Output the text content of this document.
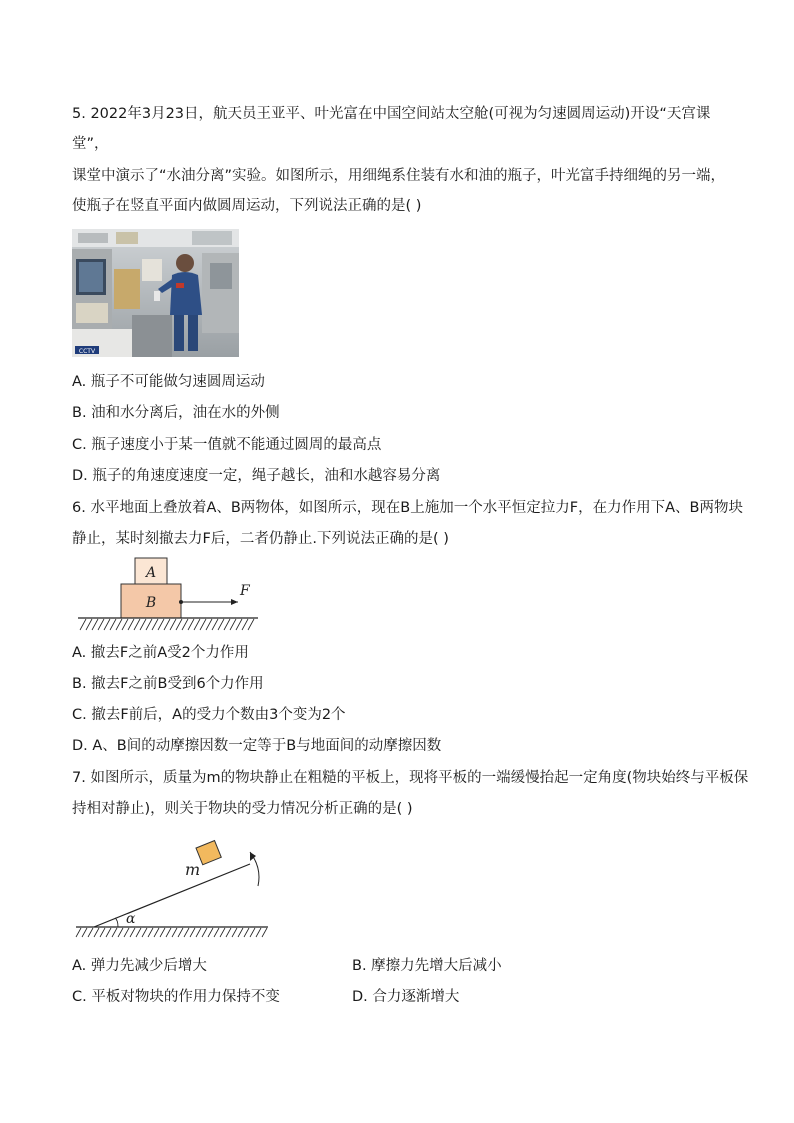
5. 2022年3月23日，航天员王亚平、叶光富在中国空间站太空舱(可视为匀速圆周运动)开设“天宫课
堂”，
课堂中演示了“水油分离”实验。如图所示，用细绳系住装有水和油的瓶子，叶光富手持细绳的另一端，
使瓶子在竖直平面内做圆周运动，下列说法正确的是( )
CCTV
A. 瓶子不可能做匀速圆周运动
B. 油和水分离后，油在水的外侧
C. 瓶子速度小于某一值就不能通过圆周的最高点
D. 瓶子的角速度速度一定，绳子越长，油和水越容易分离
6. 水平地面上叠放着A、B两物体，如图所示，现在B上施加一个水平恒定拉力F，在力作用下A、B两物块
静止，某时刻撤去力F后，二者仍静止.下列说法正确的是( )
A
B
F
A. 撤去F之前A受2个力作用
B. 撤去F之前B受到6个力作用
C. 撤去F前后，A的受力个数由3个变为2个
D. A、B间的动摩擦因数一定等于B与地面间的动摩擦因数
7. 如图所示，质量为m的物块静止在粗糙的平板上，现将平板的一端缓慢抬起一定角度(物块始终与平板保
持相对静止)，则关于物块的受力情况分析正确的是( )
m
α
A. 弹力先减少后增大	B. 摩擦力先增大后减小
C. 平板对物块的作用力保持不变	D. 合力逐渐增大
